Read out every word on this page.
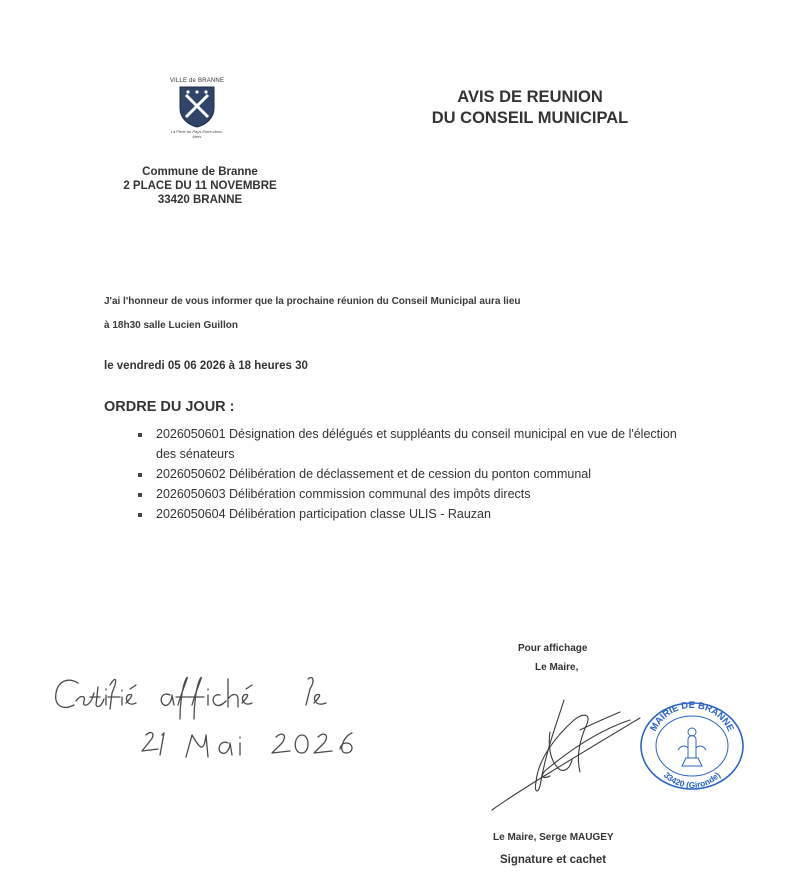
VILLE de BRANNE
La Perle du Pays Entre-deux-Mers
AVIS DE REUNION
DU CONSEIL MUNICIPAL
Commune de Branne
2 PLACE DU 11 NOVEMBRE
33420 BRANNE
J'ai l'honneur de vous informer que la prochaine réunion du Conseil Municipal aura lieu
à 18h30 salle Lucien Guillon
le vendredi 05 06 2026 à 18 heures 30
ORDRE DU JOUR :
2026050601 Désignation des délégués et suppléants du conseil municipal en vue de l'élection des sénateurs
2026050602 Délibération de déclassement et de cession du ponton communal
2026050603 Délibération commission communal des impôts directs
2026050604 Délibération participation classe ULIS - Rauzan
Pour affichage
Le Maire,
MAIRIE DE BRANNE
33420 (Gironde)
Le Maire, Serge MAUGEY
Signature et cachet
